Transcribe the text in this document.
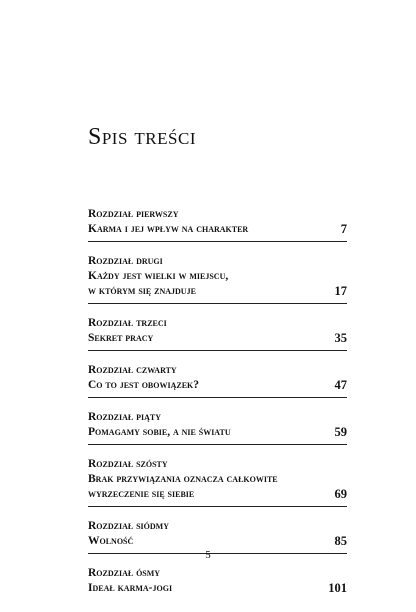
Spis treści
Rozdział pierwszy
Karma i jej wpływ na charakter	7
Rozdział drugi
Każdy jest wielki w miejscu,
w którym się znajduje	17
Rozdział trzeci
Sekret pracy	35
Rozdział czwarty
Co to jest obowiązek?	47
Rozdział piąty
Pomagamy sobie, a nie światu	59
Rozdział szósty
Brak przywiązania oznacza całkowite
wyrzeczenie się siebie	69
Rozdział siódmy
Wolność	85
Rozdział ósmy
Ideał karma-jogi	101
5
